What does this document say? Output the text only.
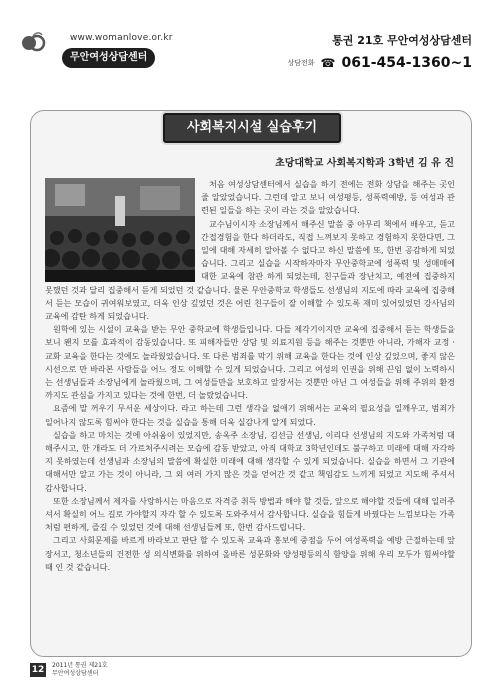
www.womanlove.or.kr
무안여성상담센터
통권 21호 무안여성상담센터
상담전화 ☎ 061-454-1360~1
사회복지시설 실습후기
초당대학교 사회복지학과 3학년 김 유 진

처음 여성상담센터에서 실습을 하기 전에는 전화 상담을 해주는 곳인 줄 알았었습니다. 그런데 알고 보니 여성평등, 성폭력예방, 등 여성과 관련된 일들을 하는 곳이 라는 것을 알았습니다.

교수님이시자 소장님께서 해주신 말씀 중 아무리 책에서 배우고, 듣고 간접경험을 한다 하더라도, 직접 느껴보지 못하고 경험하지 못한다면, 그 일에 대해 자세히 알아볼 수 없다고 하신 말씀에 또, 한번 공감하게 되었습니다. 그리고 실습을 시작하자마자 무안중학교에 성폭력 및 성매매에 대한 교육에 참관 하게 되었는데, 친구들과 장난치고, 예전에 집중하지 못했던 것과 달리 집중해서 듣게 되었던 것 같습니다. 물론 무안중학교 학생들도 선생님의 지도에 따라 교육에 집중해서 듣는 모습이 귀여워보였고, 더욱 인상 깊었던 것은 어린 친구들이 잘 이해할 수 있도록 재미 있어있었던 강사님의 교육에 감탄 하게 되었습니다.

원학에 있는 시설이 교육을 받는 무안 중학교에 학생들입니다. 다들 제각기이지만 교육에 집중해서 듣는 학생들을 보니 왠지 모를 효과적이 감동있습니다. 또 피해자들만 상담 및 의료지원 등을 해주는 것뿐만 아니라, 가해자 교정 · 교화 교육을 한다는 것에도 놀라웠었습니다. 또 다른 범죄를 막기 위해 교육을 한다는 것에 인상 깊었으며, 좋지 않은 시선으로 만 바라본 사람들을 어느 정도 이해할 수 있게 되었습니다. 그리고 여성의 인권을 위해 끈임 없이 노력하시는 선생님들과 소장님에게 놀라웠으며, 그 여성들만을 보호하고 앞장서는 것뿐만 아닌 그 여성들을 위해 주위의 환경 까지도 관심을 가지고 있다는 것에 한번, 더 놀랐었습니다.

요즘에 말 꺼우기 무서운 세상이다. 라고 하는데 그런 생각을 없애기 위해서는 교육의 필요성을 일깨우고, 범죄가 일어나지 않도록 힘써야 한다는 것을 실습을 통해 더욱 실감나게 알게 되었다.

실습을 하고 마치는 것에 아쉬움이 있었지만, 송옥주 소장님, 김선금 선생님, 이리다 선생님의 지도와 가족처럼 대해주시고, 한 개라도 더 가르쳐주시려는 모습에 감동 받았고, 아직 대학교 3학년인데도 불구하고 미래에 대해 자각하지 못하였는데 선생님과 소장님의 말씀에 확실한 미래에 대해 생각할 수 있게 되었습니다. 실습을 하면서 그 기관에 대해서만 알고 가는 것이 아니라, 그 외 여러 가지 많은 것을 얻어간 것 같고 책임감도 느끼게 되었고 지도해 주셔서 감사합니다.

또한 소장님께서 제자를 사랑하시는 마음으로 자격증 취득 방법과 해야 할 것들, 앞으로 해야할 것들에 대해 일러주셔서 확실히 어느 길로 가야할지 자각 할 수 있도록 도와주셔서 감사합니다. 실습을 힘들게 바꿨다는 느낌보다는 가족처럼 편하게, 즐길 수 있었던 것에 대해 선생님들께 또, 한번 감사드립니다.

그리고 사회문제를 바르게 바라보고 판단 할 수 있도록 교육과 홍보에 중점을 두어 여성폭력을 예방 근절하는데 앞장서고, 청소년들의 건전한 성 의식변화를 위하여 올바른 성문화와 양성평등의식 함양을 위해 우리 모두가 힘써야할 때 인 것 같습니다.

12 2011년 통권 제21호
무안여성상담센터
